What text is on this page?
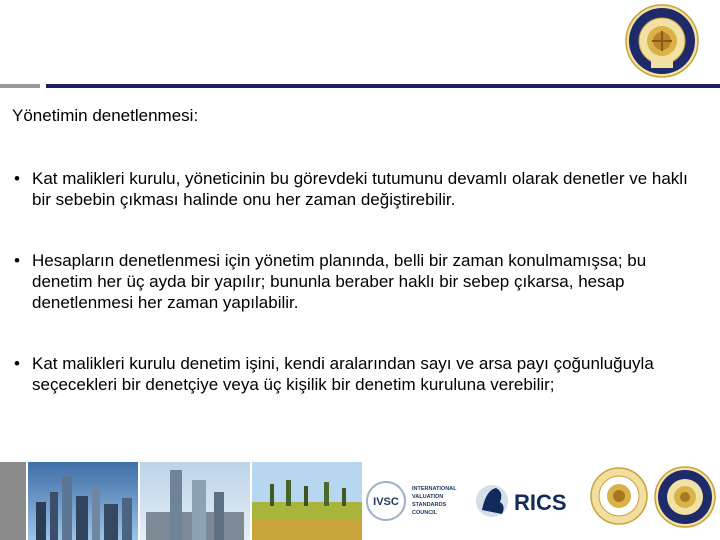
Yönetimin denetlenmesi:
• Kat malikleri kurulu, yöneticinin bu görevdeki tutumunu devamlı olarak denetler ve haklı bir sebebin çıkması halinde onu her zaman değiştirebilir.
• Hesapların denetlenmesi için yönetim planında, belli bir zaman konulmamışsa; bu denetim her üç ayda bir yapılır; bununla beraber haklı bir sebep çıkarsa, hesap denetlenmesi her zaman yapılabilir.
• Kat malikleri kurulu denetim işini, kendi aralarından sayı ve arsa payı çoğunluğuyla seçecekleri bir denetçiye veya üç kişilik bir denetim kuruluna verebilir;
IVSC
INTERNATIONAL
VALUATION
STANDARDS
COUNCIL	RICS
